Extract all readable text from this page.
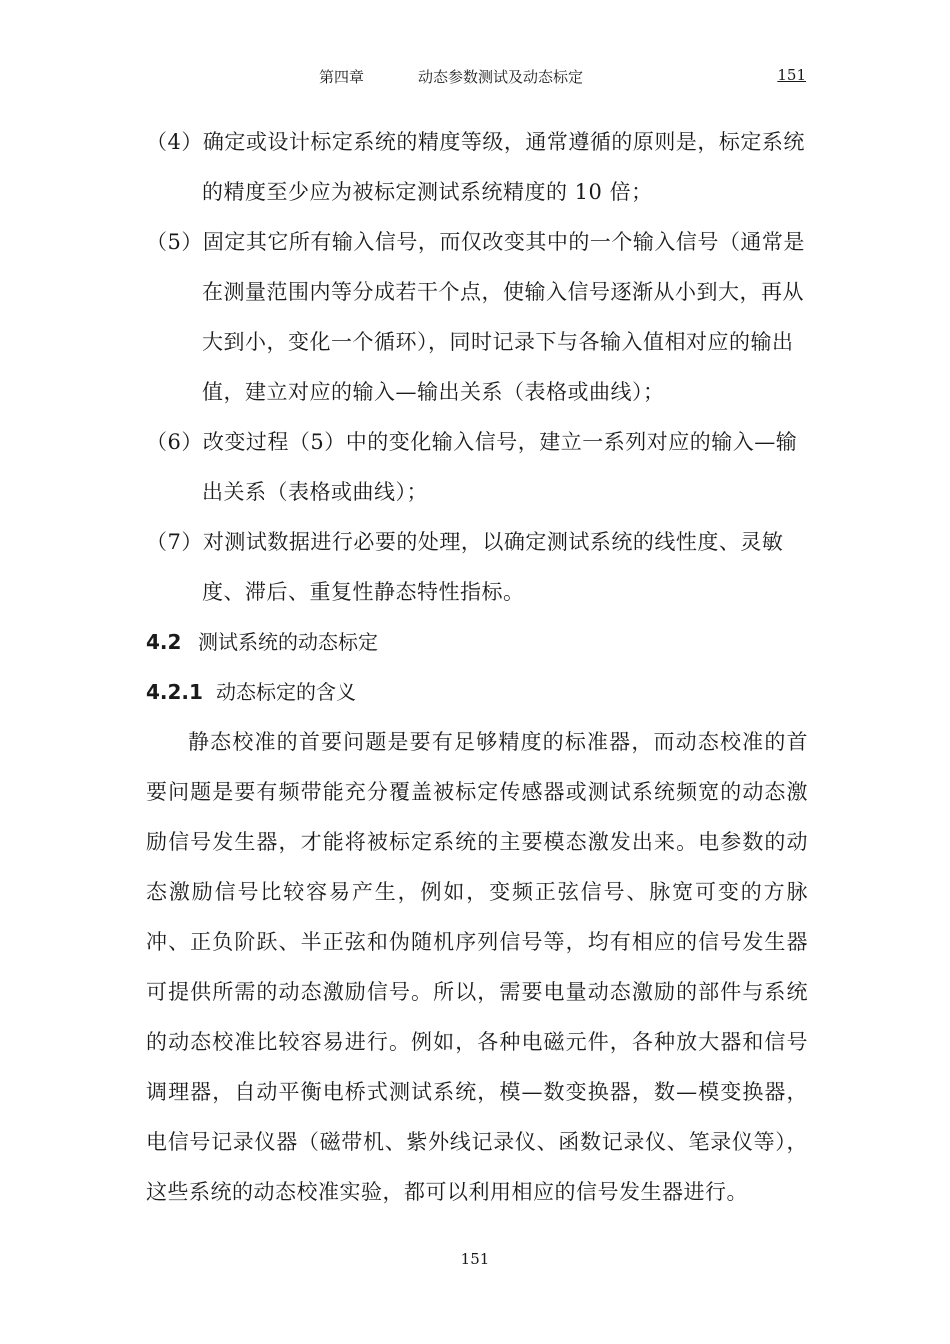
第四章	动态参数测试及动态标定	151
（4）确定或设计标定系统的精度等级，通常遵循的原则是，标定系统的精度至少应为被标定测试系统精度的 10 倍；
（5）固定其它所有输入信号，而仅改变其中的一个输入信号（通常是在测量范围内等分成若干个点，使输入信号逐渐从小到大，再从大到小，变化一个循环），同时记录下与各输入值相对应的输出值，建立对应的输入—输出关系（表格或曲线）；
（6）改变过程（5）中的变化输入信号，建立一系列对应的输入—输出关系（表格或曲线）；
（7）对测试数据进行必要的处理，以确定测试系统的线性度、灵敏度、滞后、重复性静态特性指标。
4.2 测试系统的动态标定
4.2.1 动态标定的含义
静态校准的首要问题是要有足够精度的标准器，而动态校准的首要问题是要有频带能充分覆盖被标定传感器或测试系统频宽的动态激励信号发生器，才能将被标定系统的主要模态激发出来。电参数的动态激励信号比较容易产生，例如，变频正弦信号、脉宽可变的方脉冲、正负阶跃、半正弦和伪随机序列信号等，均有相应的信号发生器可提供所需的动态激励信号。所以，需要电量动态激励的部件与系统的动态校准比较容易进行。例如，各种电磁元件，各种放大器和信号调理器，自动平衡电桥式测试系统，模—数变换器，数—模变换器，电信号记录仪器（磁带机、紫外线记录仪、函数记录仪、笔录仪等），这些系统的动态校准实验，都可以利用相应的信号发生器进行。
151
